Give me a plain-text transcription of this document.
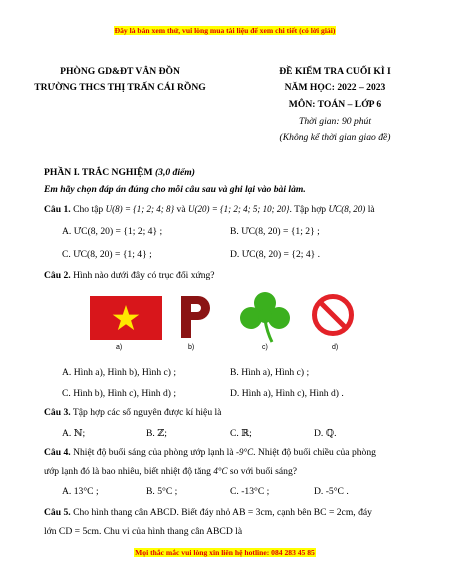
Đây là bản xem thử, vui lòng mua tài liệu để xem chi tiết (có lời giải)
PHÒNG GD&ĐT VÂN ĐỒN
TRƯỜNG THCS THỊ TRẤN CÁI RỒNG
ĐỀ KIỂM TRA CUỐI KÌ I
NĂM HỌC: 2022 – 2023
MÔN: TOÁN – LỚP 6
Thời gian: 90 phút
(Không kể thời gian giao đề)
PHẦN I. TRẮC NGHIỆM (3,0 điểm)
Em hãy chọn đáp án đúng cho mỗi câu sau và ghi lại vào bài làm.
Câu 1. Cho tập U(8) = {1; 2; 4; 8} và U(20) = {1; 2; 4; 5; 10; 20}. Tập hợp ƯC(8, 20) là
A. ƯC(8, 20) = {1; 2; 4} ;	B. ƯC(8, 20) = {1; 2} ;
C. ƯC(8, 20) = {1; 4} ;	D. ƯC(8, 20) = {2; 4} .
Câu 2. Hình nào dưới đây có trục đối xứng?
a)	b)	c)	d)
A. Hình a), Hình b), Hình c) ;	B. Hình a), Hình c) ;
C. Hình b), Hình c), Hình d) ;	D. Hình a), Hình c), Hình d) .
Câu 3. Tập hợp các số nguyên được kí hiệu là
A. ℕ;	B. ℤ;	C. ℝ;	D. ℚ.
Câu 4. Nhiệt độ buổi sáng của phòng ướp lạnh là -9°C. Nhiệt độ buổi chiều của phòng
ướp lạnh đó là bao nhiêu, biết nhiệt độ tăng 4°C so với buổi sáng?
A. 13°C ;	B. 5°C ;	C. -13°C ;	D. -5°C .
Câu 5. Cho hình thang cân ABCD. Biết đáy nhỏ AB = 3cm, cạnh bên BC = 2cm, đáy
lớn CD = 5cm. Chu vi của hình thang cân ABCD là
Mọi thắc mắc vui lòng xin liên hệ hotline: 084 283 45 85
